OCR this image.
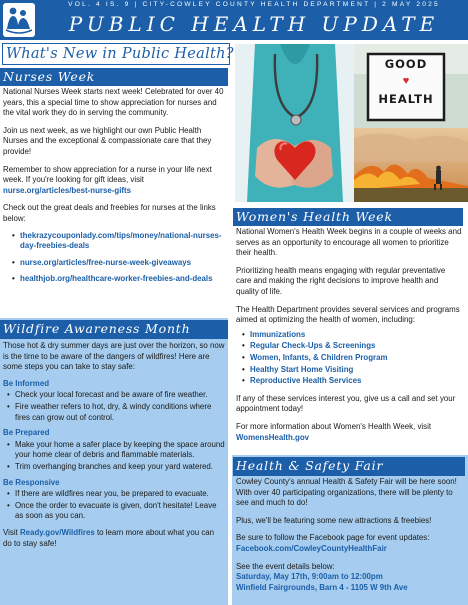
VOL. 4 IS. 9 | CITY-COWLEY COUNTY HEALTH DEPARTMENT | 2 MAY 2025
PUBLIC HEALTH UPDATE
What's New in Public Health?
Nurses Week

National Nurses Week starts next week! Celebrated for over 40 years, this a special time to show appreciation for nurses and the vital work they do in serving the community.

Join us next week, as we highlight our own Public Health Nurses and the exceptional & compassionate care that they provide!

Remember to show appreciation for a nurse in your life next week. If you're looking for gift ideas, visit
nurse.org/articles/best-nurse-gifts

Check out the great deals and freebies for nurses at the links below:

• thekrazycouponlady.com/tips/money/national-nurses-day-freebies-deals
• nurse.org/articles/free-nurse-week-giveaways
• healthjob.org/healthcare-worker-freebies-and-deals
GOOD
♥
HEALTH
Women's Health Week

National Women's Health Week begins in a couple of weeks and serves as an opportunity to encourage all women to prioritize their health.

Prioritizing health means engaging with regular preventative care and making the right decisions to improve health and quality of life.

The Health Department provides several services and programs aimed at optimizing the health of women, including:

• Immunizations
• Regular Check-Ups & Screenings
• Women, Infants, & Children Program
• Healthy Start Home Visiting
• Reproductive Health Services

If any of these services interest you, give us a call and set your appointment today!

For more information about Women's Health Week, visit
WomensHealth.gov

Wildfire Awareness Month

Those hot & dry summer days are just over the horizon, so now is the time to be aware of the dangers of wildfires! Here are some steps you can take to stay safe:

Be Informed
• Check your local forecast and be aware of fire weather.
• Fire weather refers to hot, dry, & windy conditions where fires can grow out of control.
Be Prepared
• Make your home a safer place by keeping the space around your home clear of debris and flammable materials.
• Trim overhanging branches and keep your yard watered.
Be Responsive
• If there are wildfires near you, be prepared to evacuate.
• Once the order to evacuate is given, don't hesitate! Leave as soon as you can.

Visit Ready.gov/Wildfires to learn more about what you can do to stay safe!

Health & Safety Fair

Cowley County's annual Health & Safety Fair will be here soon! With over 40 participating organizations, there will be plenty to see and much to do!

Plus, we'll be featuring some new attractions & freebies!

Be sure to follow the Facebook page for event updates:
Facebook.com/CowleyCountyHealthFair

See the event details below:
Saturday, May 17th, 9:00am to 12:00pm
Winfield Fairgrounds, Barn 4 - 1105 W 9th Ave
